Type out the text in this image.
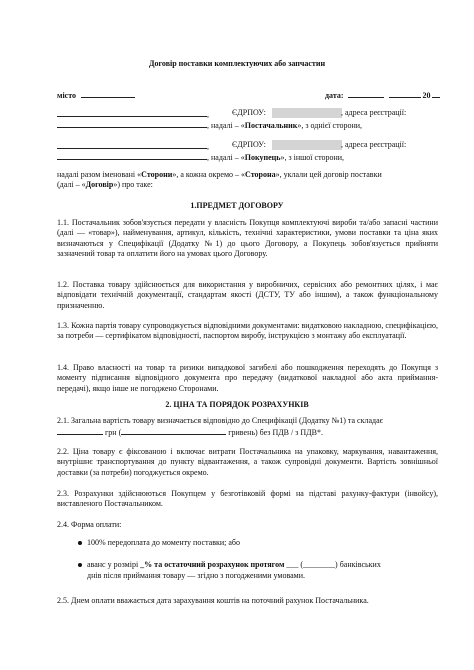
Договір поставки комплектуючих або запчастин
місто	дата:	20
,	ЄДРПОУ:	, адреса реєстрації:
, надалі – «Постачальник», з однієї сторони,
,	ЄДРПОУ:	, адреса реєстрації:
, надалі – «Покупець», з іншої сторони,
надалі разом іменовані «Сторони», а кожна окремо – «Сторона», уклали цей договір поставки
(далі – «Договір») про таке:
1.ПРЕДМЕТ ДОГОВОРУ
1.1. Постачальник зобов'язується передати у власність Покупця комплектуючі вироби та/або запасні частини (далі — «товар»), найменування, артикул, кількість, технічні характеристики, умови поставки та ціна яких визначаються у Специфікації (Додатку №1) до цього Договору, а Покупець зобов'язується прийняти зазначений товар та оплатити його на умовах цього Договору.
1.2. Поставка товару здійснюється для використання у виробничих, сервісних або ремонтних цілях, і має відповідати технічній документації, стандартам якості (ДСТУ, ТУ або іншим), а також функціональному призначенню.
1.3. Кожна партія товару супроводжується відповідними документами: видатковою накладною, специфікацією, за потреби — сертифікатом відповідності, паспортом виробу, інструкцією з монтажу або експлуатації.
1.4. Право власності на товар та ризики випадкової загибелі або пошкодження переходять до Покупця з моменту підписання відповідного документа про передачу (видаткової накладної або акта приймання-передачі), якщо інше не погоджено Сторонами.
2. ЦІНА ТА ПОРЯДОК РОЗРАХУНКІВ
2.1. Загальна вартість товару визначається відповідно до Специфікації (Додатку №1) та складає
грн (	гривень) без ПДВ / з ПДВ*.
2.2. Ціна товару є фіксованою і включає витрати Постачальника на упаковку, маркування, навантаження, внутрішнє транспортування до пункту відвантаження, а також супровідні документи. Вартість зовнішньої доставки (за потреби) погоджується окремо.
2.3. Розрахунки здійснюються Покупцем у безготівковій формі на підставі рахунку-фактури (інвойсу), виставленого Постачальником.
2.4. Форма оплати:
100% передоплата до моменту поставки; або
аванс у розмірі _% та остаточний розрахунок протягом ___ (________) банківських
днів після приймання товару — згідно з погодженими умовами.
2.5. Днем оплати вважається дата зарахування коштів на поточний рахунок Постачальника.
